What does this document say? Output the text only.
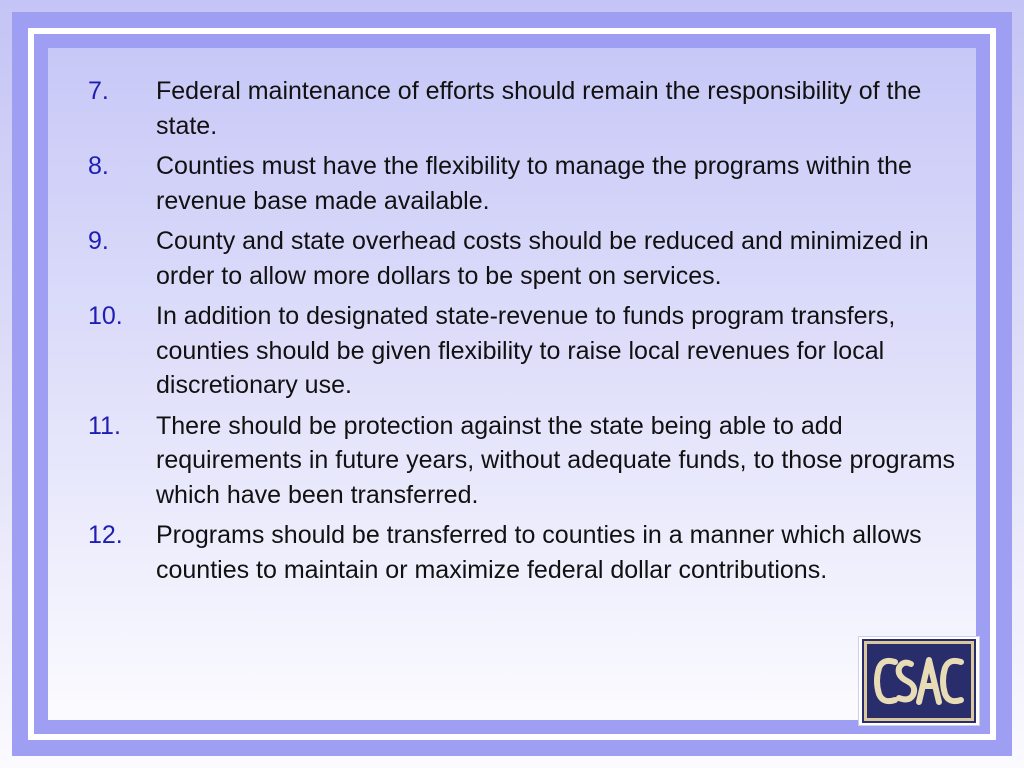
7.	Federal maintenance of efforts should remain the responsibility of the state.
8.	Counties must have the flexibility to manage the programs within the revenue base made available.
9.	County and state overhead costs should be reduced and minimized in order to allow more dollars to be spent on services.
10.	In addition to designated state-revenue to funds program transfers, counties should be given flexibility to raise local revenues for local discretionary use.
11.	There should be protection against the state being able to add requirements in future years, without adequate funds, to those programs which have been transferred.
12.	Programs should be transferred to counties in a manner which allows counties to maintain or maximize federal dollar contributions.
